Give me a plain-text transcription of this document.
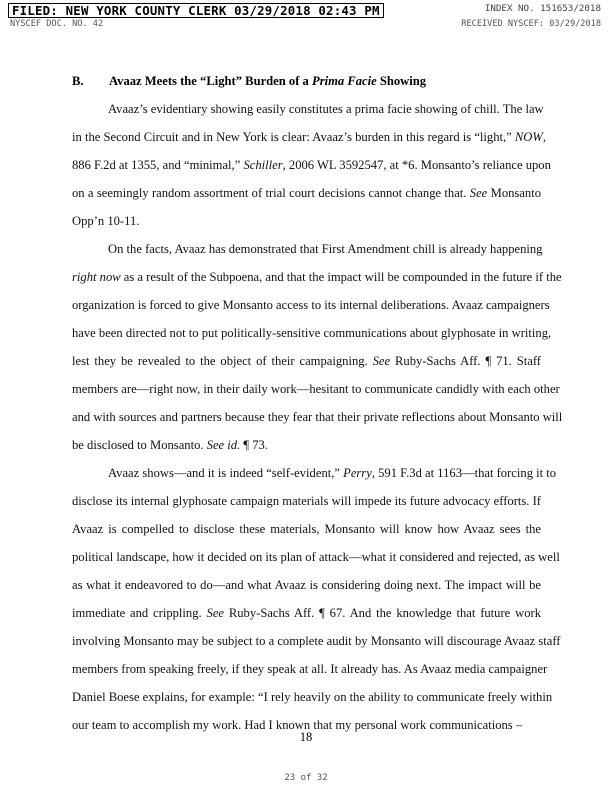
FILED: NEW YORK COUNTY CLERK 03/29/2018 02:43 PM
NYSCEF DOC. NO. 42
INDEX NO. 151653/2018
RECEIVED NYSCEF: 03/29/2018
B. Avaaz Meets the “Light” Burden of a Prima Facie Showing
Avaaz’s evidentiary showing easily constitutes a prima facie showing of chill. The law
in the Second Circuit and in New York is clear: Avaaz’s burden in this regard is “light,” NOW,
886 F.2d at 1355, and “minimal,” Schiller, 2006 WL 3592547, at *6. Monsanto’s reliance upon
on a seemingly random assortment of trial court decisions cannot change that. See Monsanto
Opp’n 10-11.
On the facts, Avaaz has demonstrated that First Amendment chill is already happening
right now as a result of the Subpoena, and that the impact will be compounded in the future if the
organization is forced to give Monsanto access to its internal deliberations. Avaaz campaigners
have been directed not to put politically-sensitive communications about glyphosate in writing,
lest they be revealed to the object of their campaigning. See Ruby-Sachs Aff. ¶ 71. Staff
members are—right now, in their daily work—hesitant to communicate candidly with each other
and with sources and partners because they fear that their private reflections about Monsanto will
be disclosed to Monsanto. See id. ¶ 73.
Avaaz shows—and it is indeed “self-evident,” Perry, 591 F.3d at 1163—that forcing it to
disclose its internal glyphosate campaign materials will impede its future advocacy efforts. If
Avaaz is compelled to disclose these materials, Monsanto will know how Avaaz sees the
political landscape, how it decided on its plan of attack—what it considered and rejected, as well
as what it endeavored to do—and what Avaaz is considering doing next. The impact will be
immediate and crippling. See Ruby-Sachs Aff. ¶ 67. And the knowledge that future work
involving Monsanto may be subject to a complete audit by Monsanto will discourage Avaaz staff
members from speaking freely, if they speak at all. It already has. As Avaaz media campaigner
Daniel Boese explains, for example: “I rely heavily on the ability to communicate freely within
our team to accomplish my work. Had I known that my personal work communications –
18
23 of 32
